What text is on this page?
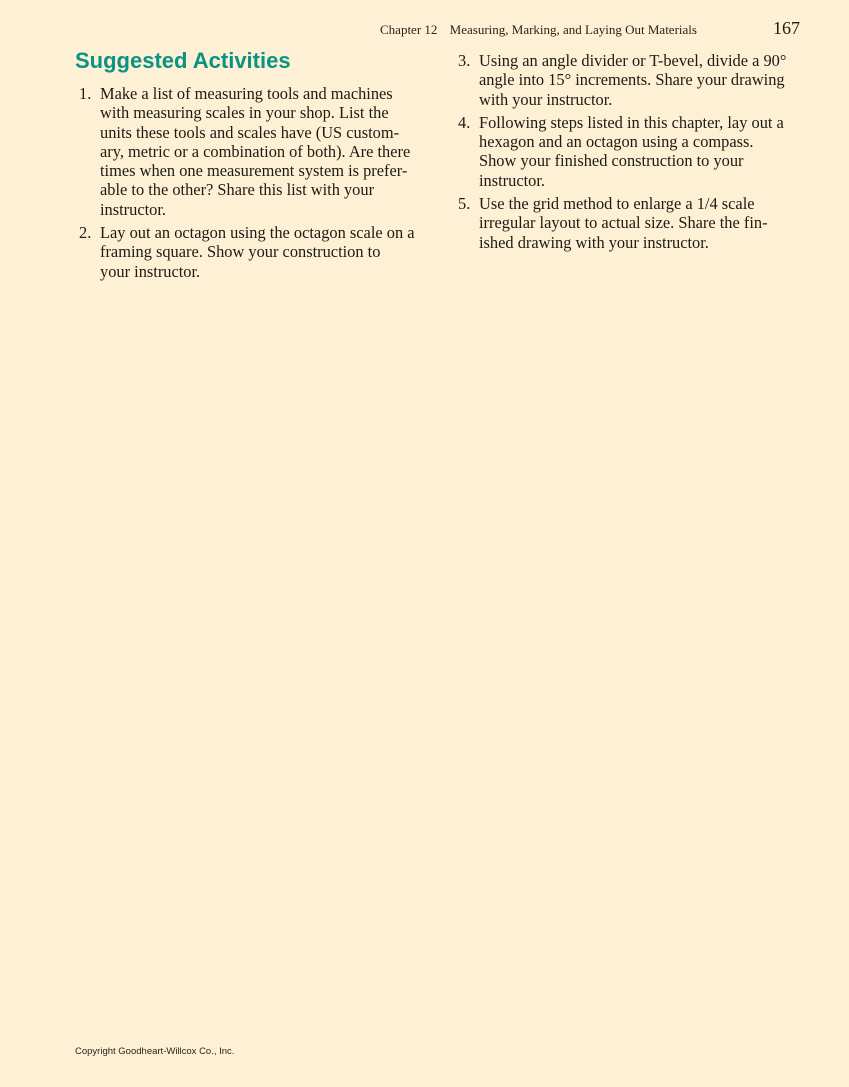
Chapter 12 Measuring, Marking, and Laying Out Materials	167
Suggested Activities
1. Make a list of measuring tools and machines
with measuring scales in your shop. List the
units these tools and scales have (US custom-
ary, metric or a combination of both). Are there
times when one measurement system is prefer-
able to the other? Share this list with your
instructor.
2. Lay out an octagon using the octagon scale on a
framing square. Show your construction to
your instructor.
3. Using an angle divider or T-bevel, divide a 90°
angle into 15° increments. Share your drawing
with your instructor.
4. Following steps listed in this chapter, lay out a
hexagon and an octagon using a compass.
Show your finished construction to your
instructor.
5. Use the grid method to enlarge a 1/4 scale
irregular layout to actual size. Share the fin-
ished drawing with your instructor.
Copyright Goodheart-Willcox Co., Inc.
